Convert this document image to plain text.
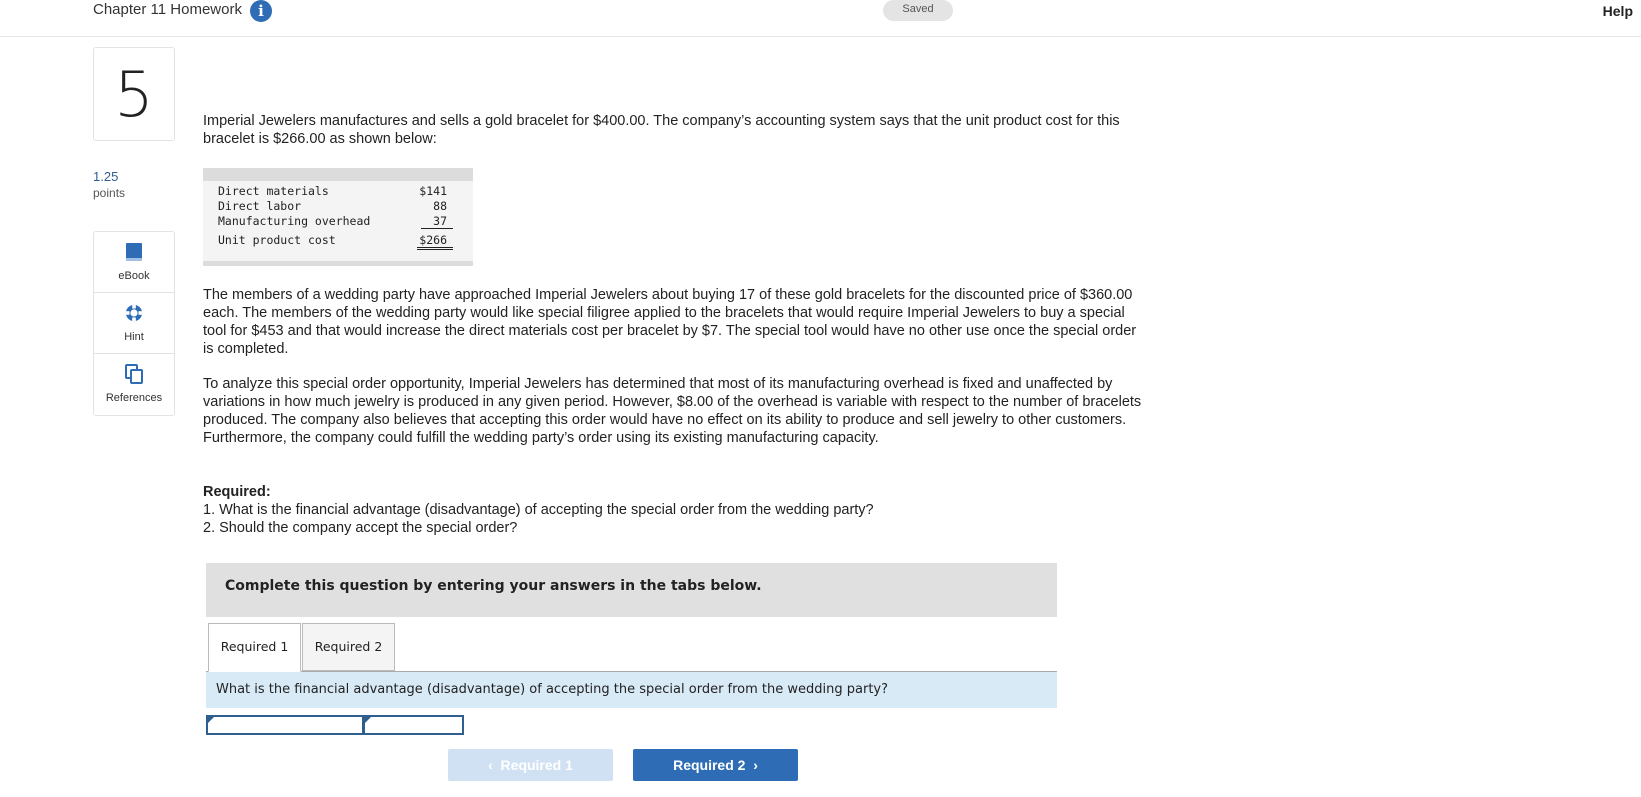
Chapter 11 Homework	i	Saved	Help
5
1.25
points
eBook
Hint
References
Imperial Jewelers manufactures and sells a gold bracelet for $400.00. The company’s accounting system says that the unit product cost for this bracelet is $266.00 as shown below:
Direct materials	$141
Direct labor	88
Manufacturing overhead	37
Unit product cost	$266
The members of a wedding party have approached Imperial Jewelers about buying 17 of these gold bracelets for the discounted price of $360.00 each. The members of the wedding party would like special filigree applied to the bracelets that would require Imperial Jewelers to buy a special tool for $453 and that would increase the direct materials cost per bracelet by $7. The special tool would have no other use once the special order is completed.
To analyze this special order opportunity, Imperial Jewelers has determined that most of its manufacturing overhead is fixed and unaffected by variations in how much jewelry is produced in any given period. However, $8.00 of the overhead is variable with respect to the number of bracelets produced. The company also believes that accepting this order would have no effect on its ability to produce and sell jewelry to other customers. Furthermore, the company could fulfill the wedding party’s order using its existing manufacturing capacity.
Required:
1. What is the financial advantage (disadvantage) of accepting the special order from the wedding party?
2. Should the company accept the special order?
Complete this question by entering your answers in the tabs below.
Required 1	Required 2
What is the financial advantage (disadvantage) of accepting the special order from the wedding party?
‹  Required 1	Required 2  ›
